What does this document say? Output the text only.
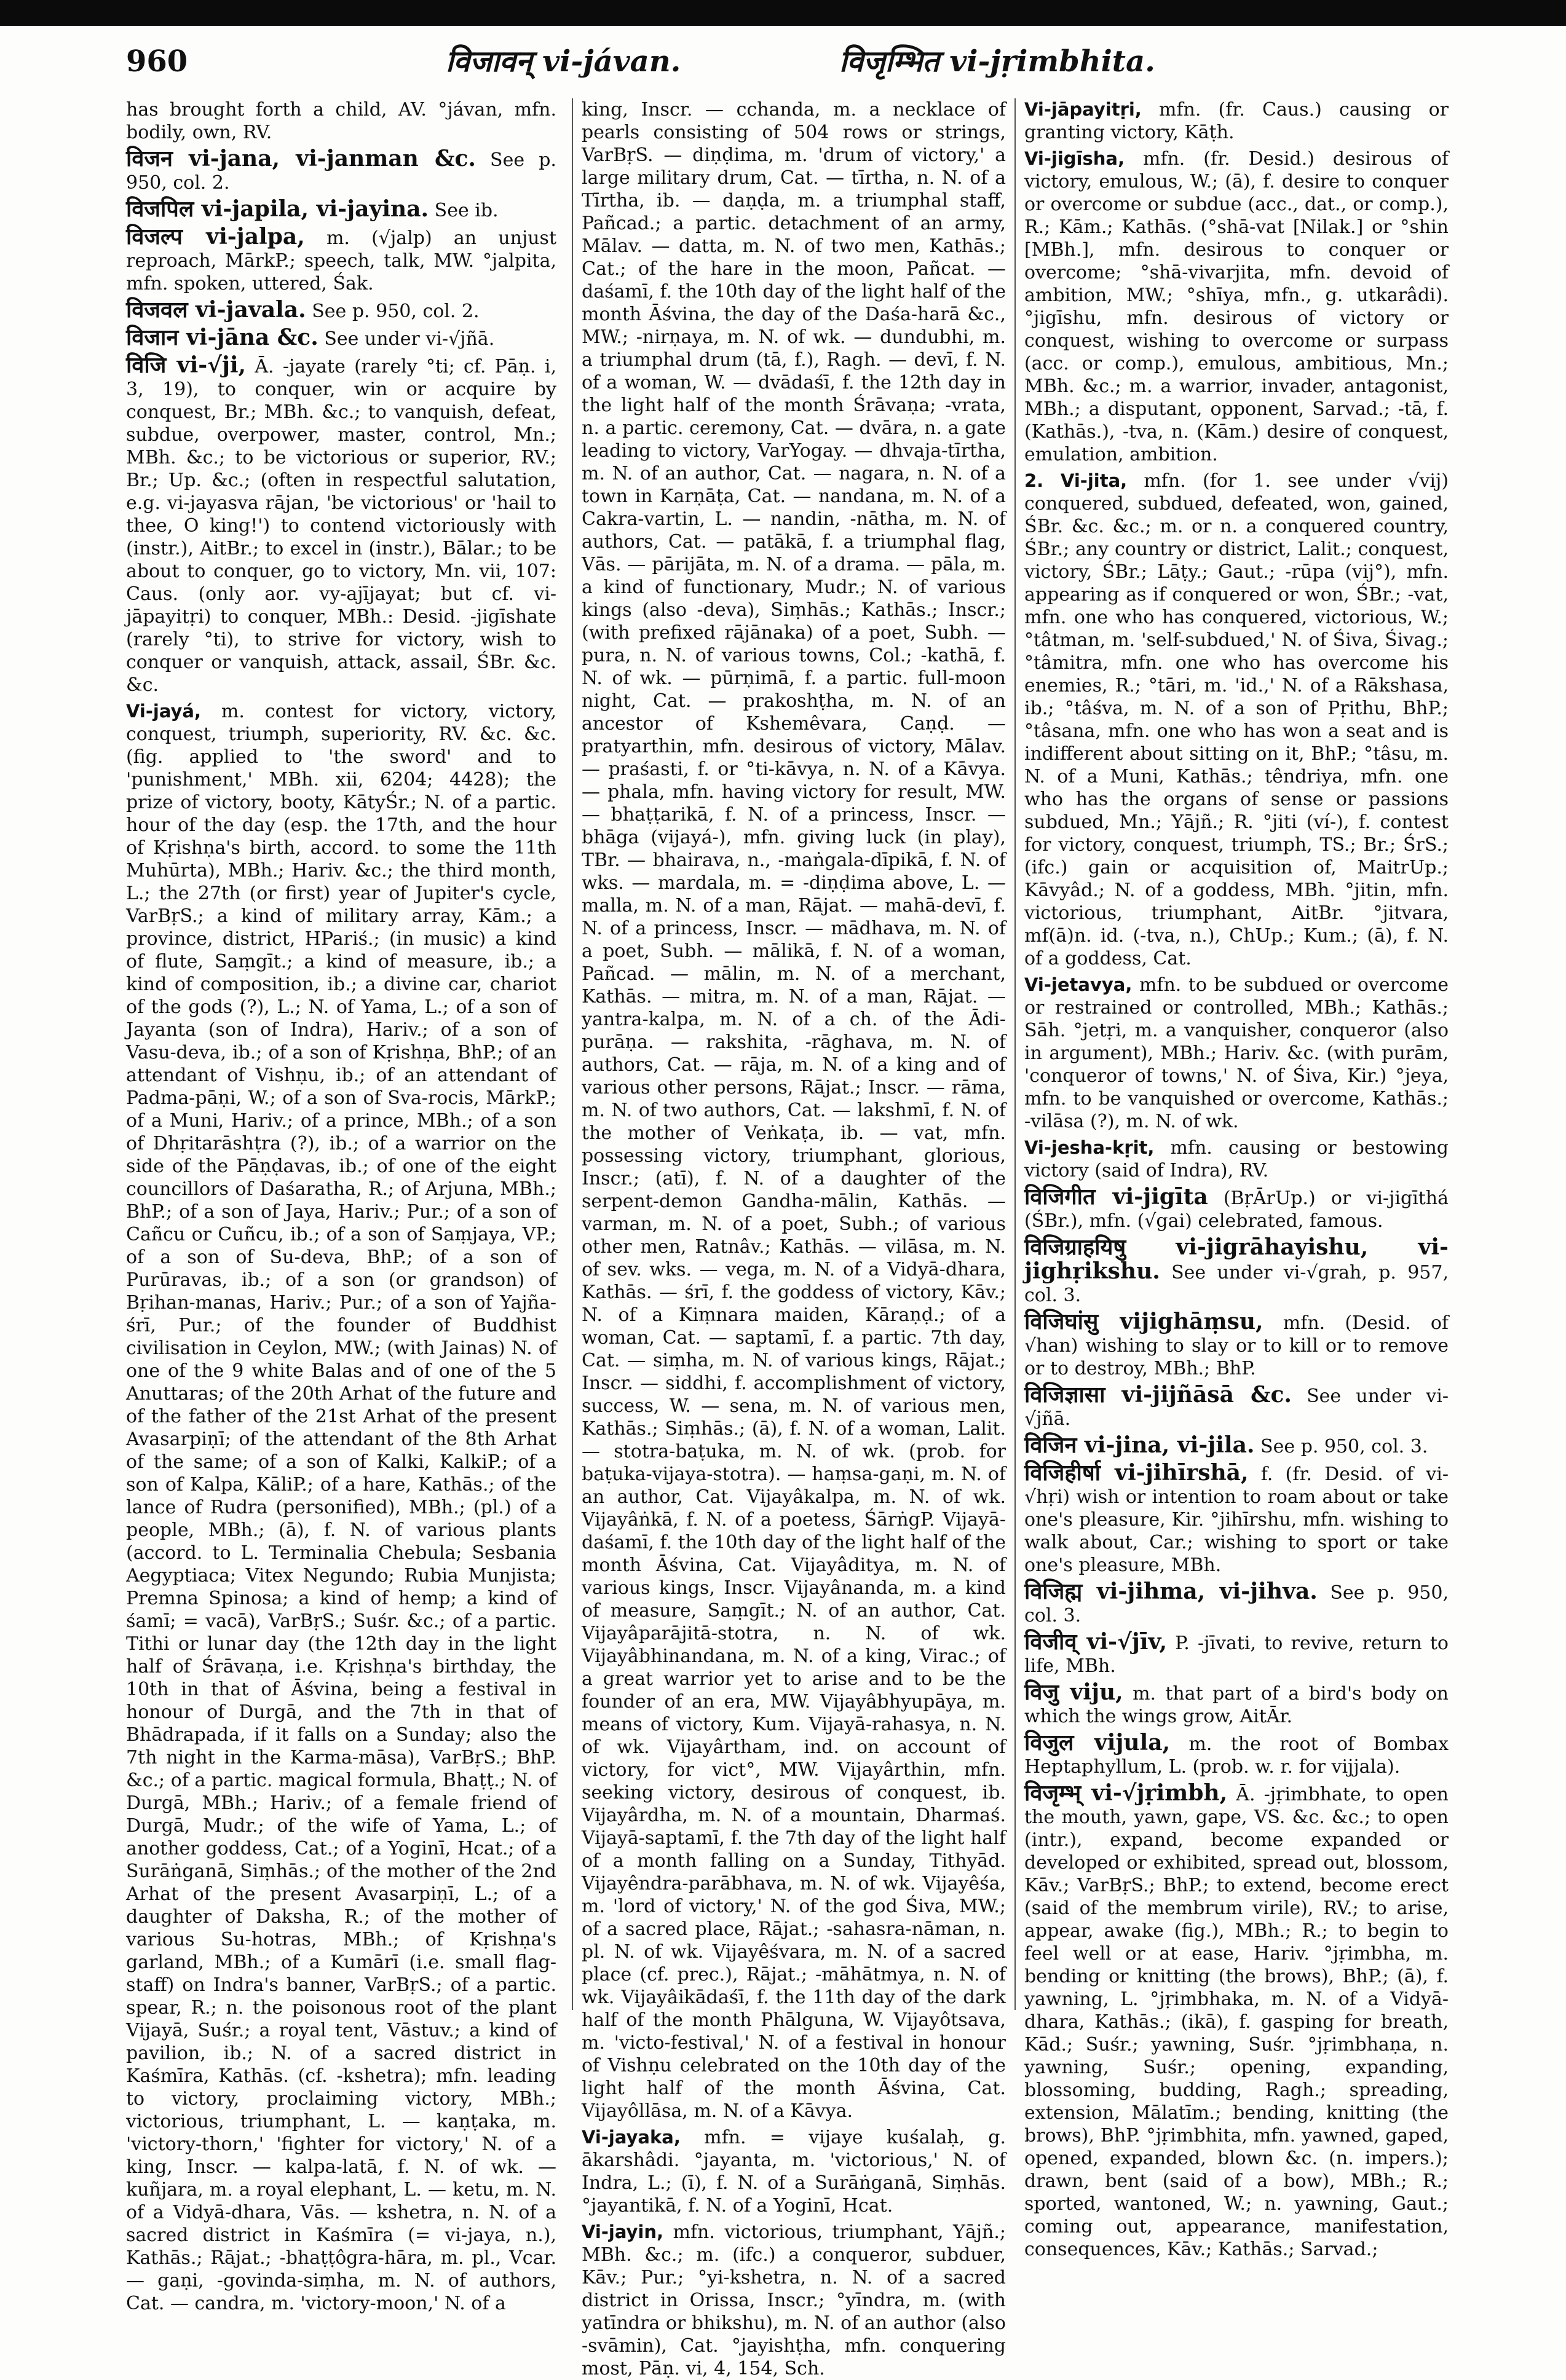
960	विजावन् vi-jávan.	विजृम्भित vi-jṛimbhita.

has brought forth a child, AV. °jávan, mfn. bodily, own, RV.

विजन vi-jana, vi-janman &c. See p. 950, col. 2.

विजपिल vi-japila, vi-jayina. See ib.

विजल्प vi-jalpa, m. (√jalp) an unjust reproach, MārkP.; speech, talk, MW. °jalpita, mfn. spoken, uttered, Śak.

विजवल vi-javala. See p. 950, col. 2.

विजान vi-jāna &c. See under vi-√jñā.

विजि vi-√ji, Ā. -jayate (rarely °ti; cf. Pāṇ. i, 3, 19), to conquer, win or acquire by conquest, Br.; MBh. &c.; to vanquish, defeat, subdue, overpower, master, control, Mn.; MBh. &c.; to be victorious or superior, RV.; Br.; Up. &c.; (often in respectful salutation, e.g. vi-jayasva rājan, 'be victorious' or 'hail to thee, O king!') to contend victoriously with (instr.), AitBr.; to excel in (instr.), Bālar.; to be about to conquer, go to victory, Mn. vii, 107: Caus. (only aor. vy-ajījayat; but cf. vi-jāpayitṛi) to conquer, MBh.: Desid. -jigīshate (rarely °ti), to strive for victory, wish to conquer or vanquish, attack, assail, ŚBr. &c. &c.

Vi-jayá, m. contest for victory, victory, conquest, triumph, superiority, RV. &c. &c. (fig. applied to 'the sword' and to 'punishment,' MBh. xii, 6204; 4428); the prize of victory, booty, KātyŚr.; N. of a partic. hour of the day (esp. the 17th, and the hour of Kṛishṇa's birth, accord. to some the 11th Muhūrta), MBh.; Hariv. &c.; the third month, L.; the 27th (or first) year of Jupiter's cycle, VarBṛS.; a kind of military array, Kām.; a province, district, HPariś.; (in music) a kind of flute, Saṃgīt.; a kind of measure, ib.; a kind of composition, ib.; a divine car, chariot of the gods (?), L.; N. of Yama, L.; of a son of Jayanta (son of Indra), Hariv.; of a son of Vasu-deva, ib.; of a son of Kṛishṇa, BhP.; of an attendant of Vishṇu, ib.; of an attendant of Padma-pāṇi, W.; of a son of Sva-rocis, MārkP.; of a Muni, Hariv.; of a prince, MBh.; of a son of Dhṛitarāshṭra (?), ib.; of a warrior on the side of the Pāṇḍavas, ib.; of one of the eight councillors of Daśaratha, R.; of Arjuna, MBh.; BhP.; of a son of Jaya, Hariv.; Pur.; of a son of Cañcu or Cuñcu, ib.; of a son of Saṃjaya, VP.; of a son of Su-deva, BhP.; of a son of Purūravas, ib.; of a son (or grandson) of Bṛihan-manas, Hariv.; Pur.; of a son of Yajña-śrī, Pur.; of the founder of Buddhist civilisation in Ceylon, MW.; (with Jainas) N. of one of the 9 white Balas and of one of the 5 Anuttaras; of the 20th Arhat of the future and of the father of the 21st Arhat of the present Avasarpiṇī; of the attendant of the 8th Arhat of the same; of a son of Kalki, KalkiP.; of a son of Kalpa, KāliP.; of a hare, Kathās.; of the lance of Rudra (personified), MBh.; (pl.) of a people, MBh.; (ā), f. N. of various plants (accord. to L. Terminalia Chebula; Sesbania Aegyptiaca; Vitex Negundo; Rubia Munjista; Premna Spinosa; a kind of hemp; a kind of śamī; = vacā), VarBṛS.; Suśr. &c.; of a partic. Tithi or lunar day (the 12th day in the light half of Śrāvaṇa, i.e. Kṛishṇa's birthday, the 10th in that of Āśvina, being a festival in honour of Durgā, and the 7th in that of Bhādrapada, if it falls on a Sunday; also the 7th night in the Karma-māsa), VarBṛS.; BhP. &c.; of a partic. magical formula, Bhaṭṭ.; N. of Durgā, MBh.; Hariv.; of a female friend of Durgā, Mudr.; of the wife of Yama, L.; of another goddess, Cat.; of a Yoginī, Hcat.; of a Surāṅganā, Siṃhās.; of the mother of the 2nd Arhat of the present Avasarpiṇī, L.; of a daughter of Daksha, R.; of the mother of various Su-hotras, MBh.; of Kṛishṇa's garland, MBh.; of a Kumārī (i.e. small flag-staff) on Indra's banner, VarBṛS.; of a partic. spear, R.; n. the poisonous root of the plant Vijayā, Suśr.; a royal tent, Vāstuv.; a kind of pavilion, ib.; N. of a sacred district in Kaśmīra, Kathās. (cf. -kshetra); mfn. leading to victory, proclaiming victory, MBh.; victorious, triumphant, L. — kaṇṭaka, m. 'victory-thorn,' 'fighter for victory,' N. of a king, Inscr. — kalpa-latā, f. N. of wk. — kuñjara, m. a royal elephant, L. — ketu, m. N. of a Vidyā-dhara, Vās. — kshetra, n. N. of a sacred district in Kaśmīra (= vi-jaya, n.), Kathās.; Rājat.; -bhaṭṭôgra-hāra, m. pl., Vcar. — gaṇi, -govinda-siṃha, m. N. of authors, Cat. — candra, m. 'victory-moon,' N. of a

king, Inscr. — cchanda, m. a necklace of pearls consisting of 504 rows or strings, VarBṛS. — diṇḍima, m. 'drum of victory,' a large military drum, Cat. — tīrtha, n. N. of a Tīrtha, ib. — daṇḍa, m. a triumphal staff, Pañcad.; a partic. detachment of an army, Mālav. — datta, m. N. of two men, Kathās.; Cat.; of the hare in the moon, Pañcat. — daśamī, f. the 10th day of the light half of the month Āśvina, the day of the Daśa-harā &c., MW.; -nirṇaya, m. N. of wk. — dundubhi, m. a triumphal drum (tā, f.), Ragh. — devī, f. N. of a woman, W. — dvādaśī, f. the 12th day in the light half of the month Śrāvaṇa; -vrata, n. a partic. ceremony, Cat. — dvāra, n. a gate leading to victory, VarYogay. — dhvaja-tīrtha, m. N. of an author, Cat. — nagara, n. N. of a town in Karṇāṭa, Cat. — nandana, m. N. of a Cakra-vartin, L. — nandin, -nātha, m. N. of authors, Cat. — patākā, f. a triumphal flag, Vās. — pārijāta, m. N. of a drama. — pāla, m. a kind of functionary, Mudr.; N. of various kings (also -deva), Siṃhās.; Kathās.; Inscr.; (with prefixed rājānaka) of a poet, Subh. — pura, n. N. of various towns, Col.; -kathā, f. N. of wk. — pūrṇimā, f. a partic. full-moon night, Cat. — prakoshṭha, m. N. of an ancestor of Kshemêvara, Caṇḍ. — pratyarthin, mfn. desirous of victory, Mālav. — praśasti, f. or °ti-kāvya, n. N. of a Kāvya. — phala, mfn. having victory for result, MW. — bhaṭṭarikā, f. N. of a princess, Inscr. — bhāga (vijayá-), mfn. giving luck (in play), TBr. — bhairava, n., -maṅgala-dīpikā, f. N. of wks. — mardala, m. = -diṇḍima above, L. — malla, m. N. of a man, Rājat. — mahā-devī, f. N. of a princess, Inscr. — mādhava, m. N. of a poet, Subh. — mālikā, f. N. of a woman, Pañcad. — mālin, m. N. of a merchant, Kathās. — mitra, m. N. of a man, Rājat. — yantra-kalpa, m. N. of a ch. of the Ādi-purāṇa. — rakshita, -rāghava, m. N. of authors, Cat. — rāja, m. N. of a king and of various other persons, Rājat.; Inscr. — rāma, m. N. of two authors, Cat. — lakshmī, f. N. of the mother of Veṅkaṭa, ib. — vat, mfn. possessing victory, triumphant, glorious, Inscr.; (atī), f. N. of a daughter of the serpent-demon Gandha-mālin, Kathās. — varman, m. N. of a poet, Subh.; of various other men, Ratnâv.; Kathās. — vilāsa, m. N. of sev. wks. — vega, m. N. of a Vidyā-dhara, Kathās. — śrī, f. the goddess of victory, Kāv.; N. of a Kiṃnara maiden, Kāraṇḍ.; of a woman, Cat. — saptamī, f. a partic. 7th day, Cat. — siṃha, m. N. of various kings, Rājat.; Inscr. — siddhi, f. accomplishment of victory, success, W. — sena, m. N. of various men, Kathās.; Siṃhās.; (ā), f. N. of a woman, Lalit. — stotra-baṭuka, m. N. of wk. (prob. for baṭuka-vijaya-stotra). — haṃsa-gaṇi, m. N. of an author, Cat. Vijayâkalpa, m. N. of wk. Vijayâṅkā, f. N. of a poetess, ŚārṅgP. Vijayā-daśamī, f. the 10th day of the light half of the month Āśvina, Cat. Vijayâditya, m. N. of various kings, Inscr. Vijayânanda, m. a kind of measure, Saṃgīt.; N. of an author, Cat. Vijayâparājitā-stotra, n. N. of wk. Vijayâbhinandana, m. N. of a king, Virac.; of a great warrior yet to arise and to be the founder of an era, MW. Vijayâbhyupāya, m. means of victory, Kum. Vijayā-rahasya, n. N. of wk. Vijayârtham, ind. on account of victory, for vict°, MW. Vijayârthin, mfn. seeking victory, desirous of conquest, ib. Vijayârdha, m. N. of a mountain, Dharmaś. Vijayā-saptamī, f. the 7th day of the light half of a month falling on a Sunday, Tithyād. Vijayêndra-parābhava, m. N. of wk. Vijayêśa, m. 'lord of victory,' N. of the god Śiva, MW.; of a sacred place, Rājat.; -sahasra-nāman, n. pl. N. of wk. Vijayêśvara, m. N. of a sacred place (cf. prec.), Rājat.; -māhātmya, n. N. of wk. Vijayâikādaśī, f. the 11th day of the dark half of the month Phālguna, W. Vijayôtsava, m. 'victo-festival,' N. of a festival in honour of Vishṇu celebrated on the 10th day of the light half of the month Āśvina, Cat. Vijayôllāsa, m. N. of a Kāvya.

Vi-jayaka, mfn. = vijaye kuśalaḥ, g. ākarshâdi. °jayanta, m. 'victorious,' N. of Indra, L.; (ī), f. N. of a Surāṅganā, Siṃhās. °jayantikā, f. N. of a Yoginī, Hcat.

Vi-jayin, mfn. victorious, triumphant, Yājñ.; MBh. &c.; m. (ifc.) a conqueror, subduer, Kāv.; Pur.; °yi-kshetra, n. N. of a sacred district in Orissa, Inscr.; °yīndra, m. (with yatīndra or bhikshu), m. N. of an author (also -svāmin), Cat. °jayishṭha, mfn. conquering most, Pāṇ. vi, 4, 154, Sch.

Vi-jāpayitṛi, mfn. (fr. Caus.) causing or granting victory, Kāṭh.

Vi-jigīsha, mfn. (fr. Desid.) desirous of victory, emulous, W.; (ā), f. desire to conquer or overcome or subdue (acc., dat., or comp.), R.; Kām.; Kathās. (°shā-vat [Nilak.] or °shin [MBh.], mfn. desirous to conquer or overcome; °shā-vivarjita, mfn. devoid of ambition, MW.; °shīya, mfn., g. utkarâdi). °jigīshu, mfn. desirous of victory or conquest, wishing to overcome or surpass (acc. or comp.), emulous, ambitious, Mn.; MBh. &c.; m. a warrior, invader, antagonist, MBh.; a disputant, opponent, Sarvad.; -tā, f. (Kathās.), -tva, n. (Kām.) desire of conquest, emulation, ambition.

2. Vi-jita, mfn. (for 1. see under √vij) conquered, subdued, defeated, won, gained, ŚBr. &c. &c.; m. or n. a conquered country, ŚBr.; any country or district, Lalit.; conquest, victory, ŚBr.; Lāṭy.; Gaut.; -rūpa (vij°), mfn. appearing as if conquered or won, ŚBr.; -vat, mfn. one who has conquered, victorious, W.; °tâtman, m. 'self-subdued,' N. of Śiva, Śivag.; °tâmitra, mfn. one who has overcome his enemies, R.; °tāri, m. 'id.,' N. of a Rākshasa, ib.; °tâśva, m. N. of a son of Pṛithu, BhP.; °tâsana, mfn. one who has won a seat and is indifferent about sitting on it, BhP.; °tâsu, m. N. of a Muni, Kathās.; têndriya, mfn. one who has the organs of sense or passions subdued, Mn.; Yājñ.; R. °jiti (ví-), f. contest for victory, conquest, triumph, TS.; Br.; ŚrS.; (ifc.) gain or acquisition of, MaitrUp.; Kāvyâd.; N. of a goddess, MBh. °jitin, mfn. victorious, triumphant, AitBr. °jitvara, mf(ā)n. id. (-tva, n.), ChUp.; Kum.; (ā), f. N. of a goddess, Cat.

Vi-jetavya, mfn. to be subdued or overcome or restrained or controlled, MBh.; Kathās.; Sāh. °jetṛi, m. a vanquisher, conqueror (also in argument), MBh.; Hariv. &c. (with purām, 'conqueror of towns,' N. of Śiva, Kir.) °jeya, mfn. to be vanquished or overcome, Kathās.; -vilāsa (?), m. N. of wk.

Vi-jesha-kṛit, mfn. causing or bestowing victory (said of Indra), RV.

विजिगीत vi-jigīta (BṛĀrUp.) or vi-jigīthá (ŚBr.), mfn. (√gai) celebrated, famous.

विजिग्राहयिषु vi-jigrāhayishu, vi-jighṛikshu. See under vi-√grah, p. 957, col. 3.

विजिघांसु vijighāṃsu, mfn. (Desid. of √han) wishing to slay or to kill or to remove or to destroy, MBh.; BhP.

विजिज्ञासा vi-jijñāsā &c. See under vi-√jñā.

विजिन vi-jina, vi-jila. See p. 950, col. 3.

विजिहीर्षा vi-jihīrshā, f. (fr. Desid. of vi-√hṛi) wish or intention to roam about or take one's pleasure, Kir. °jihīrshu, mfn. wishing to walk about, Car.; wishing to sport or take one's pleasure, MBh.

विजिह्म vi-jihma, vi-jihva. See p. 950, col. 3.

विजीव् vi-√jīv, P. -jīvati, to revive, return to life, MBh.

विजु viju, m. that part of a bird's body on which the wings grow, AitĀr.

विजुल vijula, m. the root of Bombax Heptaphyllum, L. (prob. w. r. for vijjala).

विजृम्भ् vi-√jṛimbh, Ā. -jṛimbhate, to open the mouth, yawn, gape, VS. &c. &c.; to open (intr.), expand, become expanded or developed or exhibited, spread out, blossom, Kāv.; VarBṛS.; BhP.; to extend, become erect (said of the membrum virile), RV.; to arise, appear, awake (fig.), MBh.; R.; to begin to feel well or at ease, Hariv. °jṛimbha, m. bending or knitting (the brows), BhP.; (ā), f. yawning, L. °jṛimbhaka, m. N. of a Vidyā-dhara, Kathās.; (ikā), f. gasping for breath, Kād.; Suśr.; yawning, Suśr. °jṛimbhaṇa, n. yawning, Suśr.; opening, expanding, blossoming, budding, Ragh.; spreading, extension, Mālatīm.; bending, knitting (the brows), BhP. °jṛimbhita, mfn. yawned, gaped, opened, expanded, blown &c. (n. impers.); drawn, bent (said of a bow), MBh.; R.; sported, wantoned, W.; n. yawning, Gaut.; coming out, appearance, manifestation, consequences, Kāv.; Kathās.; Sarvad.;
